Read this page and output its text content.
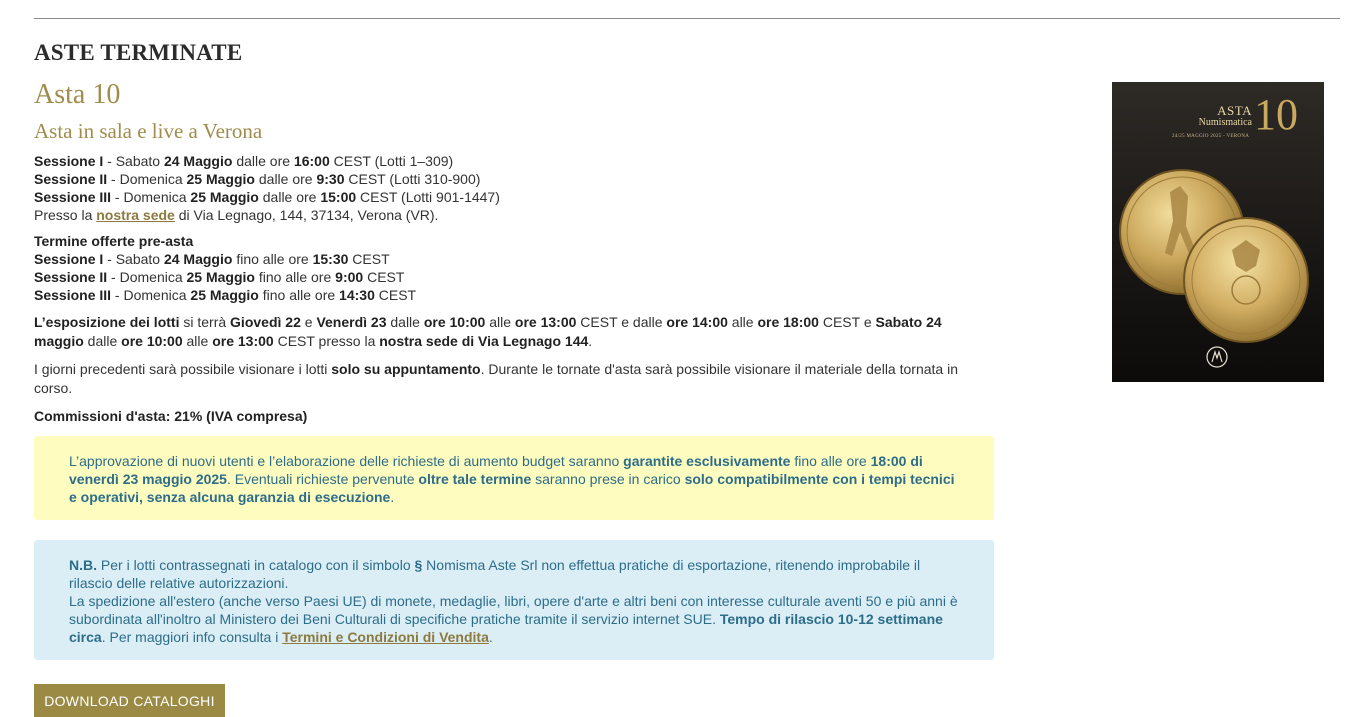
ASTE TERMINATE
Asta 10
Asta in sala e live a Verona
Sessione I - Sabato 24 Maggio dalle ore 16:00 CEST (Lotti 1–309)
Sessione II - Domenica 25 Maggio dalle ore 9:30 CEST (Lotti 310-900)
Sessione III - Domenica 25 Maggio dalle ore 15:00 CEST (Lotti 901-1447)
Presso la nostra sede di Via Legnago, 144, 37134, Verona (VR).
Termine offerte pre-asta
Sessione I - Sabato 24 Maggio fino alle ore 15:30 CEST
Sessione II - Domenica 25 Maggio fino alle ore 9:00 CEST
Sessione III - Domenica 25 Maggio fino alle ore 14:30 CEST

L’esposizione dei lotti si terrà Giovedì 22 e Venerdì 23 dalle ore 10:00 alle ore 13:00 CEST e dalle ore 14:00 alle ore 18:00 CEST e Sabato 24 maggio dalle ore 10:00 alle ore 13:00 CEST presso la nostra sede di Via Legnago 144.

I giorni precedenti sarà possibile visionare i lotti solo su appuntamento. Durante le tornate d'asta sarà possibile visionare il materiale della tornata in corso.

Commissioni d'asta: 21% (IVA compresa)

L’approvazione di nuovi utenti e l’elaborazione delle richieste di aumento budget saranno garantite esclusivamente fino alle ore 18:00 di venerdì 23 maggio 2025. Eventuali richieste pervenute oltre tale termine saranno prese in carico solo compatibilmente con i tempi tecnici e operativi, senza alcuna garanzia di esecuzione.
N.B. Per i lotti contrassegnati in catalogo con il simbolo § Nomisma Aste Srl non effettua pratiche di esportazione, ritenendo improbabile il rilascio delle relative autorizzazioni.
La spedizione all'estero (anche verso Paesi UE) di monete, medaglie, libri, opere d'arte e altri beni con interesse culturale aventi 50 e più anni è subordinata all'inoltro al Ministero dei Beni Culturali di specifiche pratiche tramite il servizio internet SUE. Tempo di rilascio 10-12 settimane circa. Per maggiori info consulta i Termini e Condizioni di Vendita.
DOWNLOAD CATALOGHI
ASTA
Numismatica 10
24/25 MAGGIO 2025 - VERONA
